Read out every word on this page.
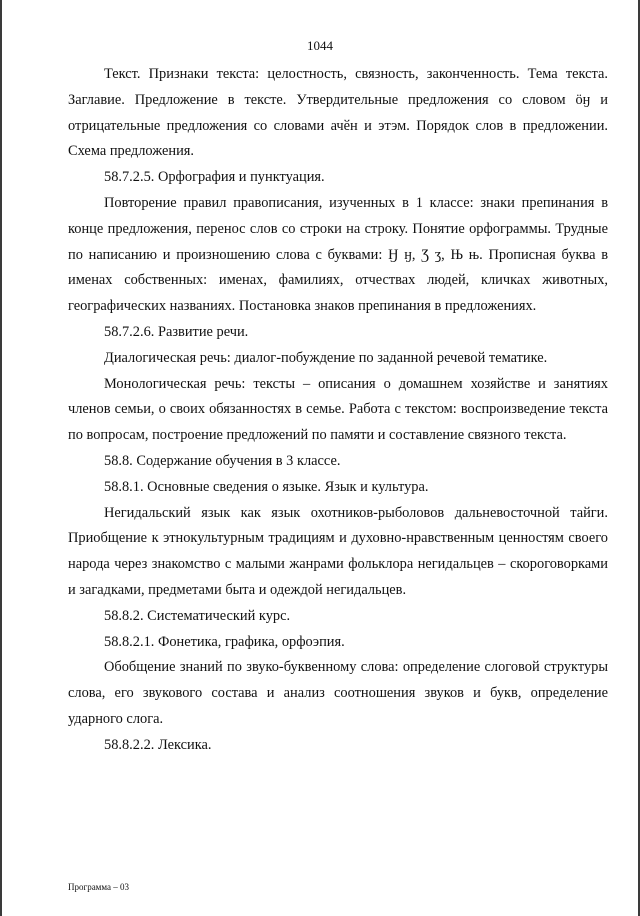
1044

Текст. Признаки текста: целостность, связность, законченность. Тема текста. Заглавие. Предложение в тексте. Утвердительные предложения со словом ӧӈ и отрицательные предложения со словами ачӗн и этэм. Порядок слов в предложении. Схема предложения.

58.7.2.5. Орфография и пунктуация.

Повторение правил правописания, изученных в 1 классе: знаки препинания в конце предложения, перенос слов со строки на строку. Понятие орфограммы. Трудные по написанию и произношению слова с буквами: Ӈ ӈ, Ʒ ʒ, Њ њ. Прописная буква в именах собственных: именах, фамилиях, отчествах людей, кличках животных, географических названиях. Постановка знаков препинания в предложениях.

58.7.2.6. Развитие речи.

Диалогическая речь: диалог-побуждение по заданной речевой тематике.

Монологическая речь: тексты – описания о домашнем хозяйстве и занятиях членов семьи, о своих обязанностях в семье. Работа с текстом: воспроизведение текста по вопросам, построение предложений по памяти и составление связного текста.

58.8. Содержание обучения в 3 классе.

58.8.1. Основные сведения о языке. Язык и культура.

Негидальский язык как язык охотников-рыболовов дальневосточной тайги. Приобщение к этнокультурным традициям и духовно-нравственным ценностям своего народа через знакомство с малыми жанрами фольклора негидальцев – скороговорками и загадками, предметами быта и одеждой негидальцев.

58.8.2. Систематический курс.

58.8.2.1. Фонетика, графика, орфоэпия.

Обобщение знаний по звуко-буквенному слова: определение слоговой структуры слова, его звукового состава и анализ соотношения звуков и букв, определение ударного слога.

58.8.2.2. Лексика.

Программа – 03
